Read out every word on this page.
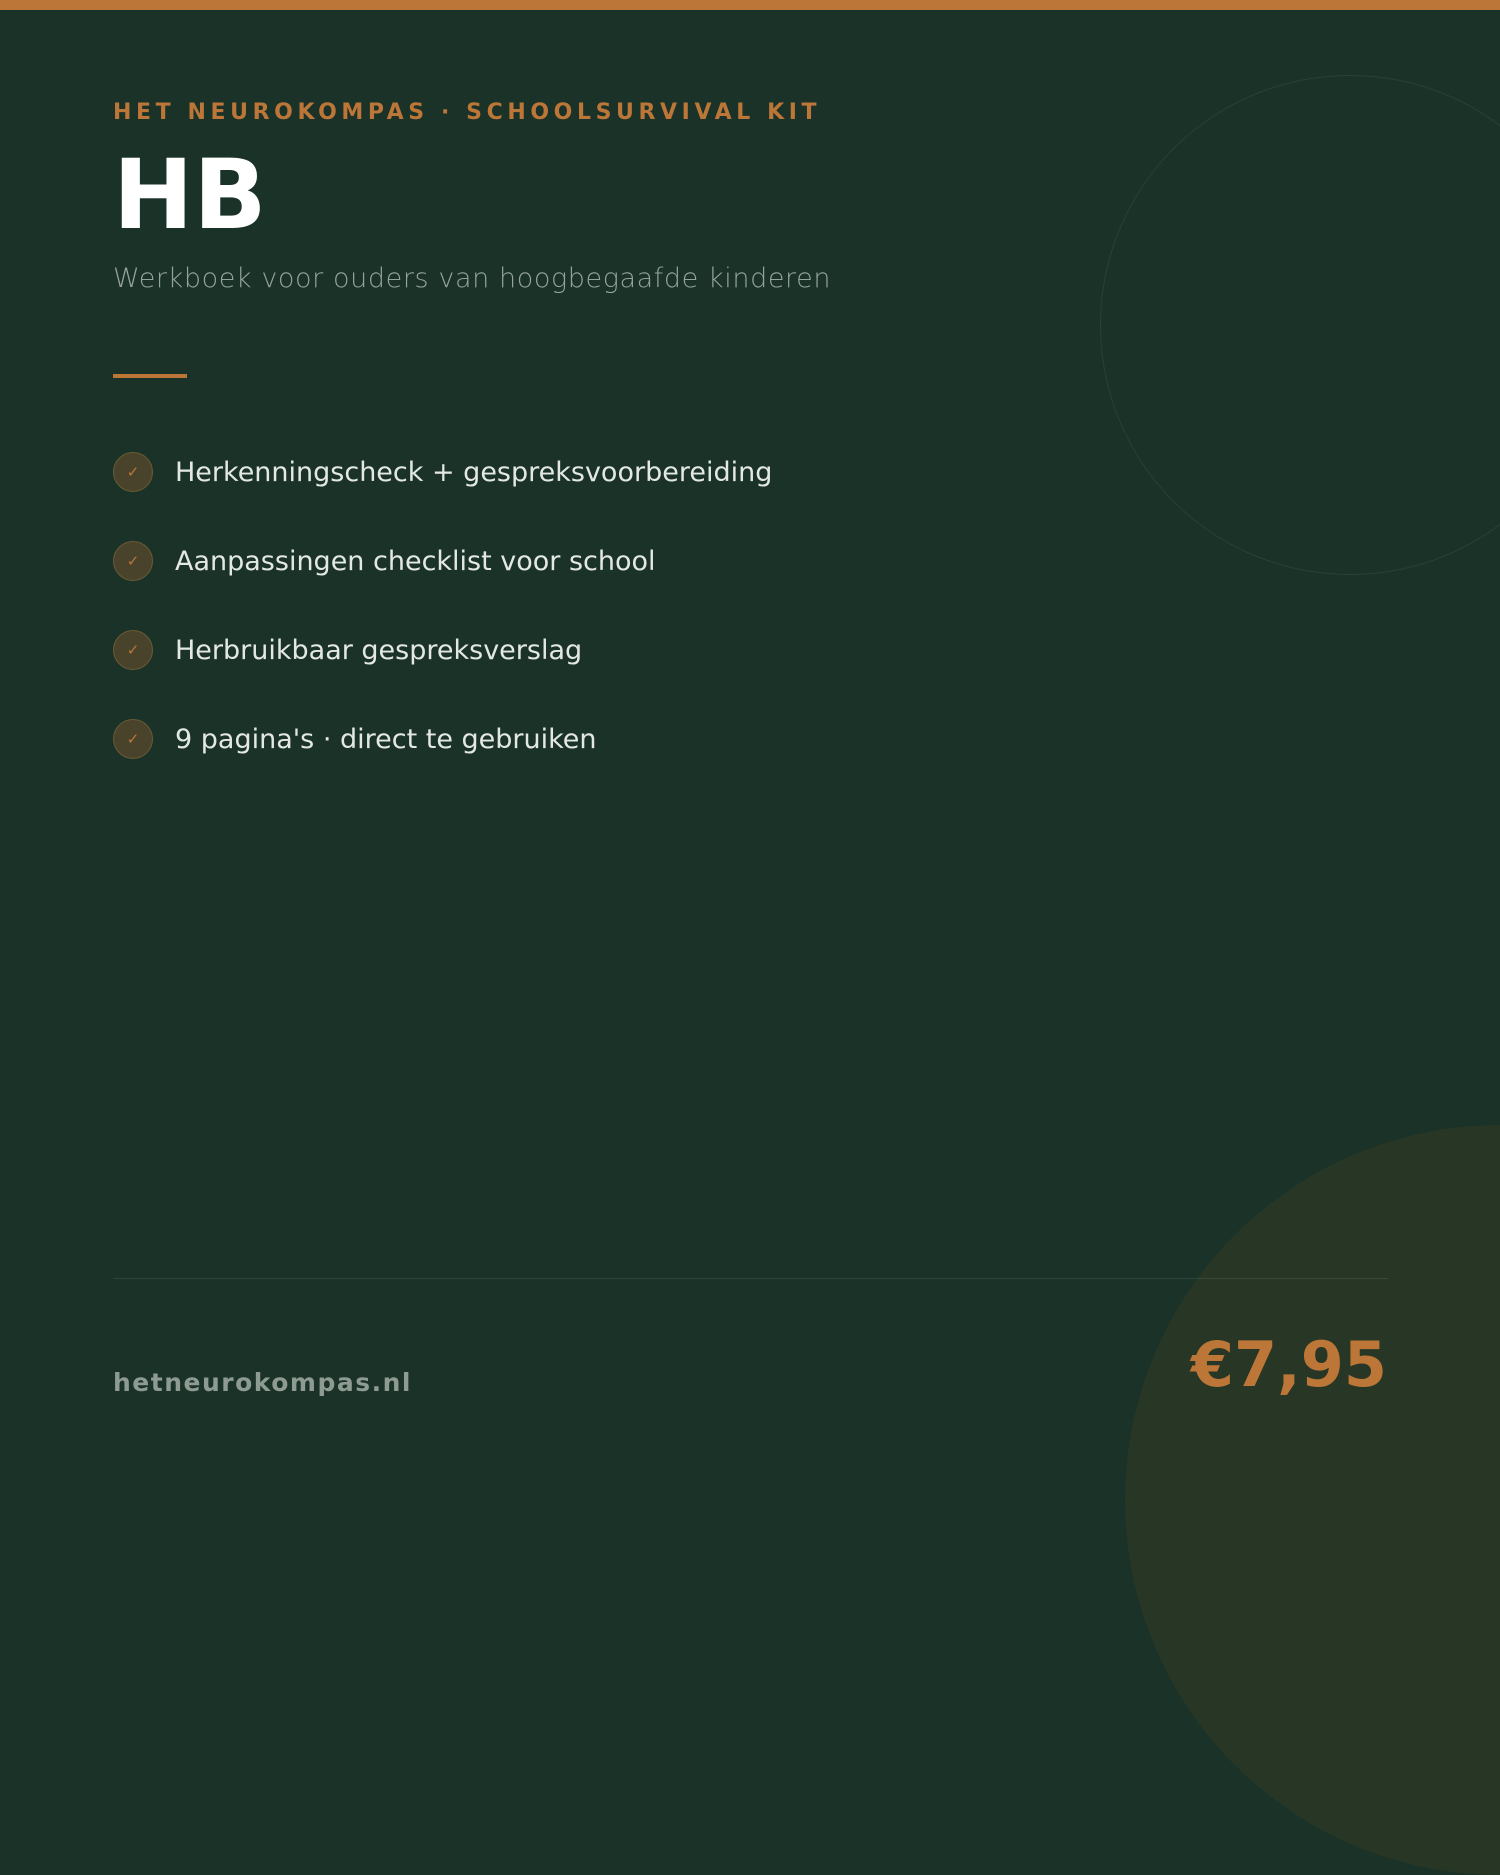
HET NEUROKOMPAS · SCHOOLSURVIVAL KIT
HB
Werkboek voor ouders van hoogbegaafde kinderen
✓	Herkenningscheck + gespreksvoorbereiding
✓	Aanpassingen checklist voor school
✓	Herbruikbaar gespreksverslag
✓	9 pagina's · direct te gebruiken
hetneurokompas.nl	€7,95
